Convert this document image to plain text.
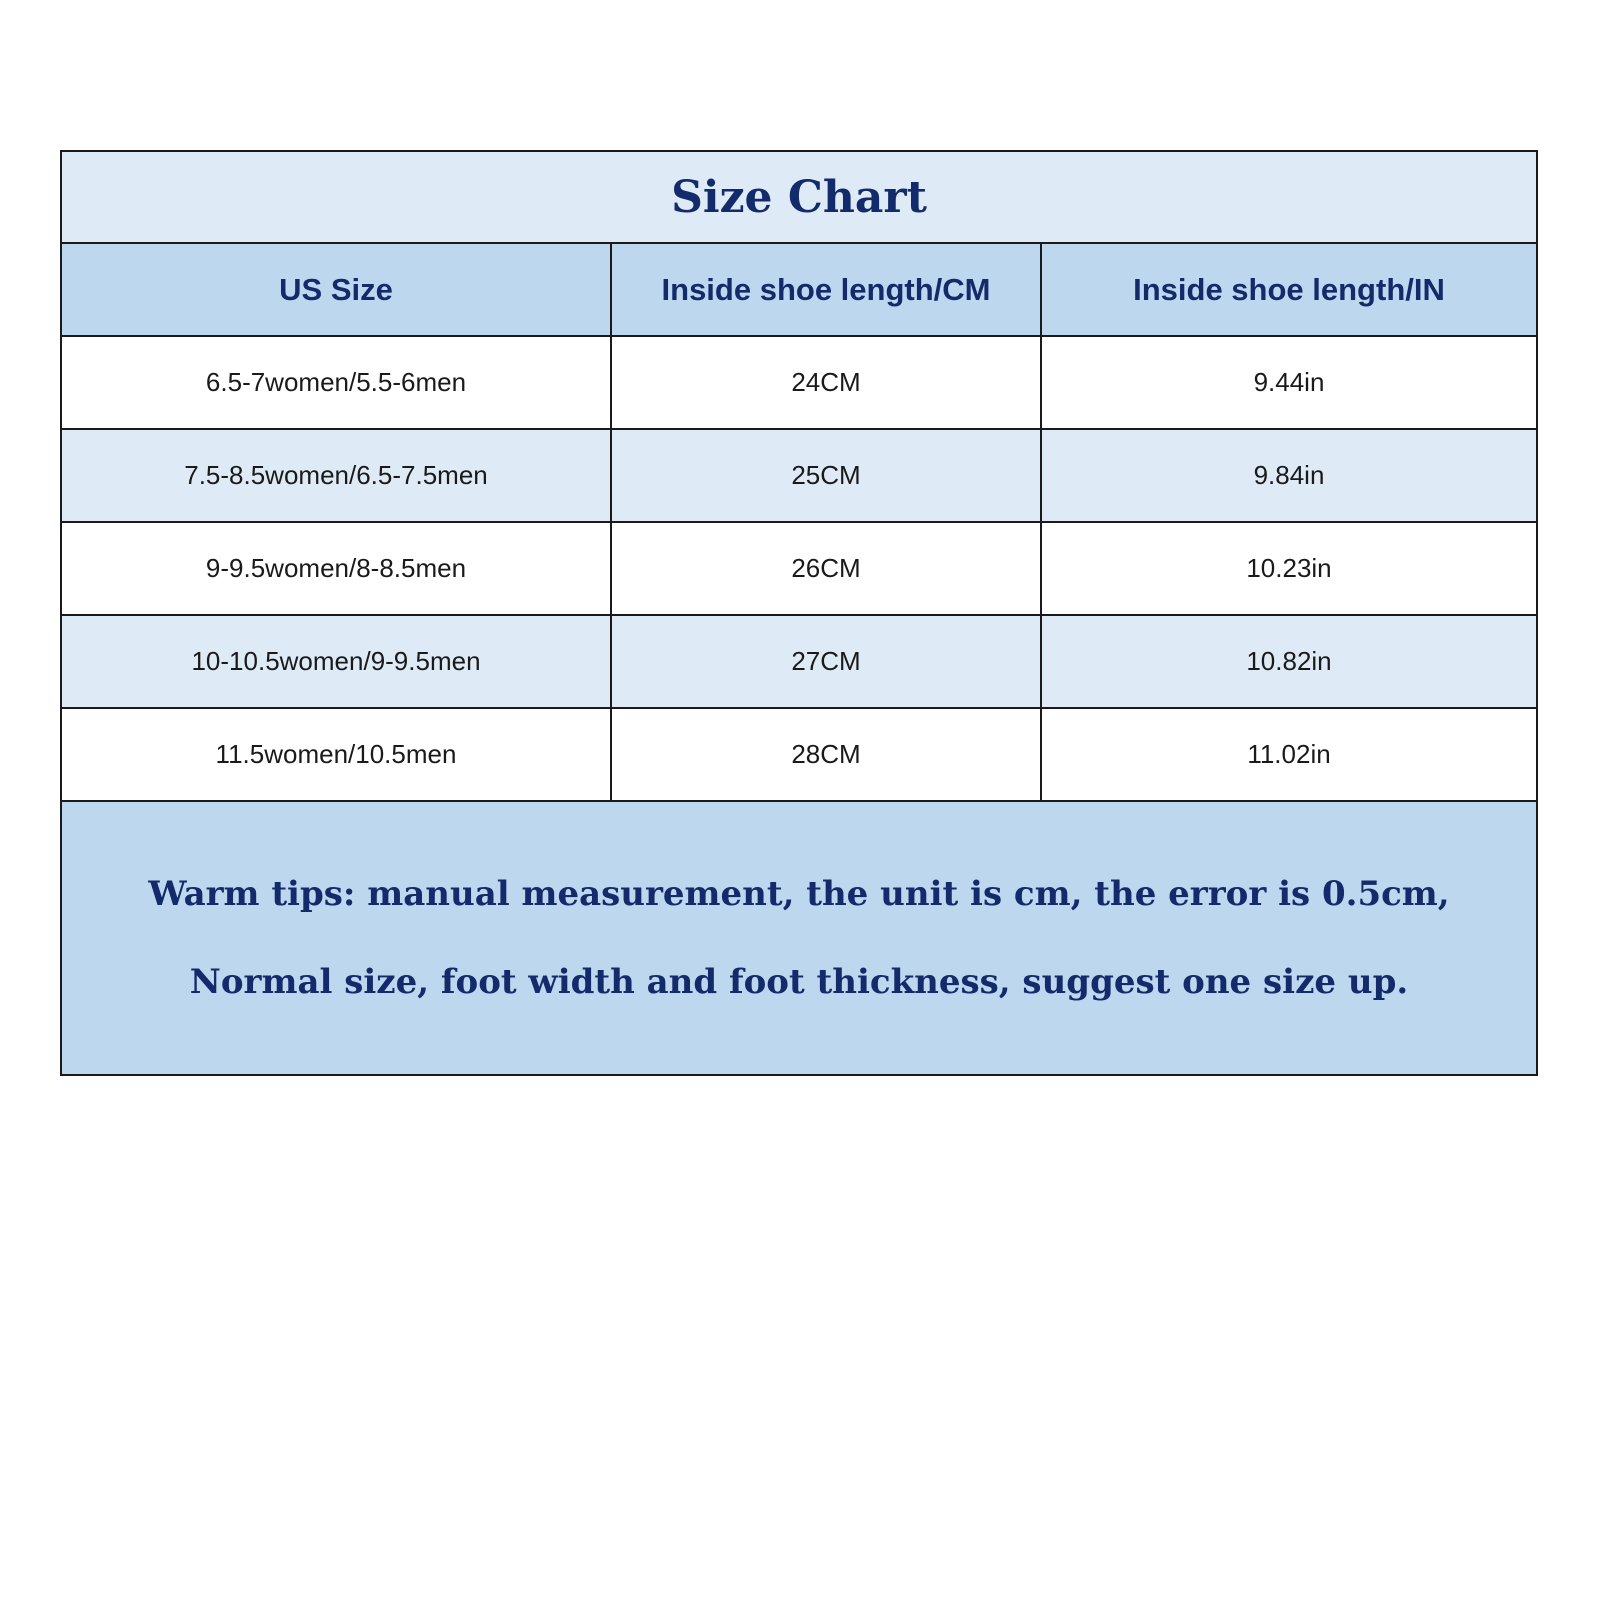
Size Chart
US Size	Inside shoe length/CM	Inside shoe length/IN
6.5-7women/5.5-6men	24CM	9.44in
7.5-8.5women/6.5-7.5men	25CM	9.84in
9-9.5women/8-8.5men	26CM	10.23in
10-10.5women/9-9.5men	27CM	10.82in
11.5women/10.5men	28CM	11.02in
Warm tips: manual measurement, the unit is cm, the error is 0.5cm,
Normal size, foot width and foot thickness, suggest one size up.
